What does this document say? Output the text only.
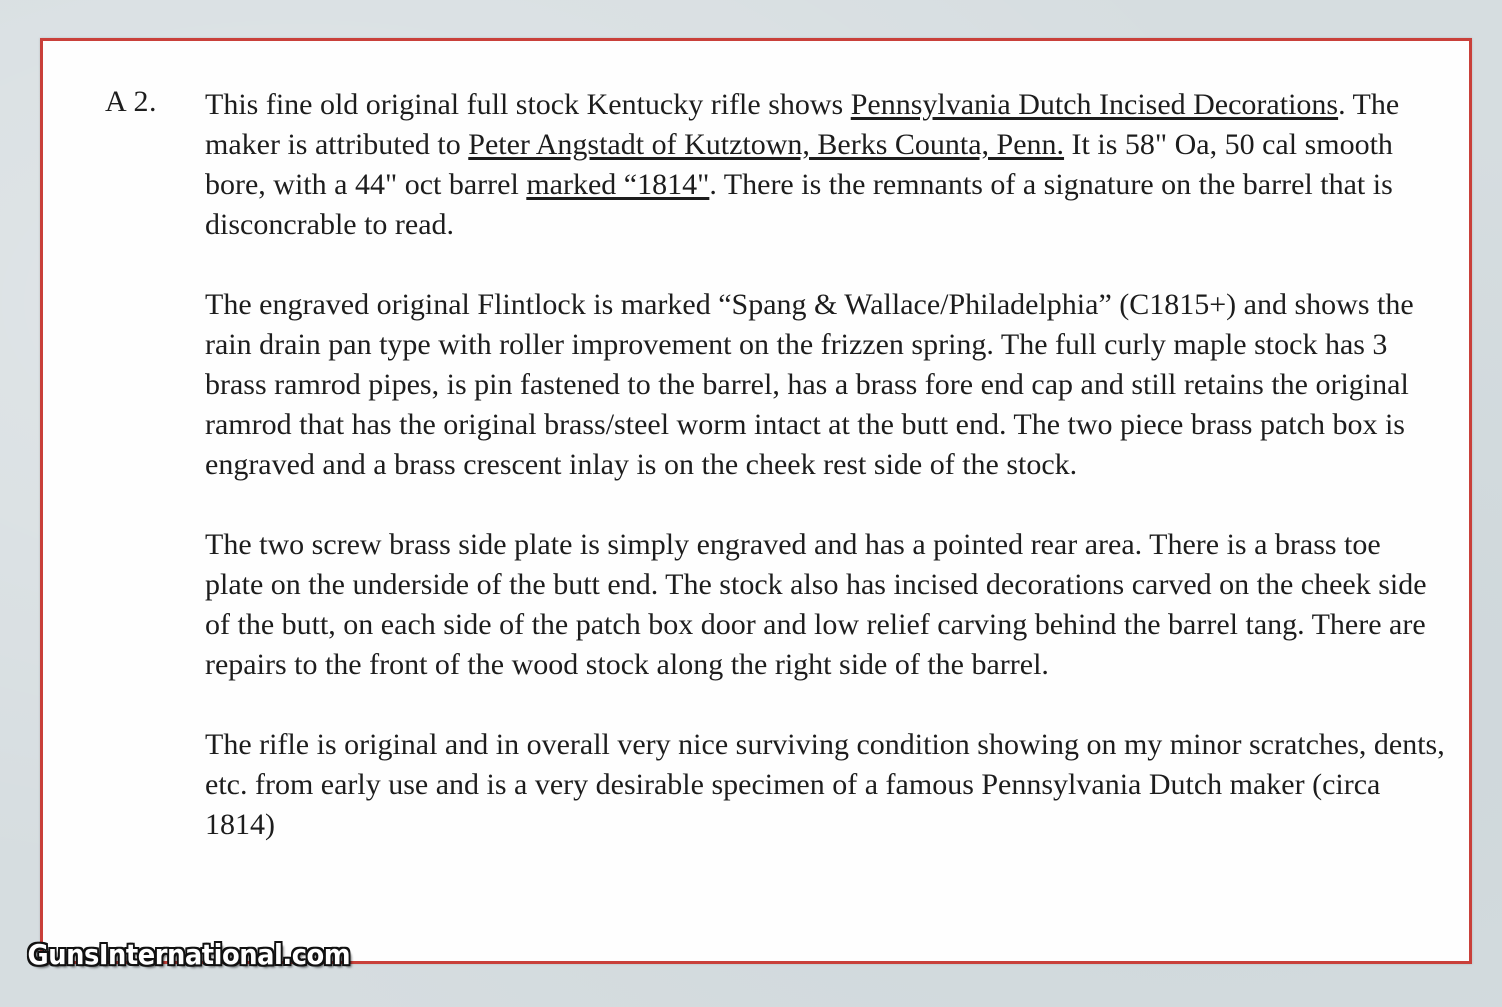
A 2. This fine old original full stock Kentucky rifle shows Pennsylvania Dutch Incised Decorations. The maker is attributed to Peter Angstadt of Kutztown, Berks Counta, Penn. It is 58" Oa, 50 cal smooth bore, with a 44" oct barrel marked “1814". There is the remnants of a signature on the barrel that is disconcrable to read.

The engraved original Flintlock is marked “Spang & Wallace/Philadelphia” (C1815+) and shows the rain drain pan type with roller improvement on the frizzen spring. The full curly maple stock has 3 brass ramrod pipes, is pin fastened to the barrel, has a brass fore end cap and still retains the original ramrod that has the original brass/steel worm intact at the butt end. The two piece brass patch box is engraved and a brass crescent inlay is on the cheek rest side of the stock.

The two screw brass side plate is simply engraved and has a pointed rear area. There is a brass toe plate on the underside of the butt end. The stock also has incised decorations carved on the cheek side of the butt, on each side of the patch box door and low relief carving behind the barrel tang. There are repairs to the front of the wood stock along the right side of the barrel.

The rifle is original and in overall very nice surviving condition showing on my minor scratches, dents, etc. from early use and is a very desirable specimen of a famous Pennsylvania Dutch maker (circa 1814)

GunsInternational.com
